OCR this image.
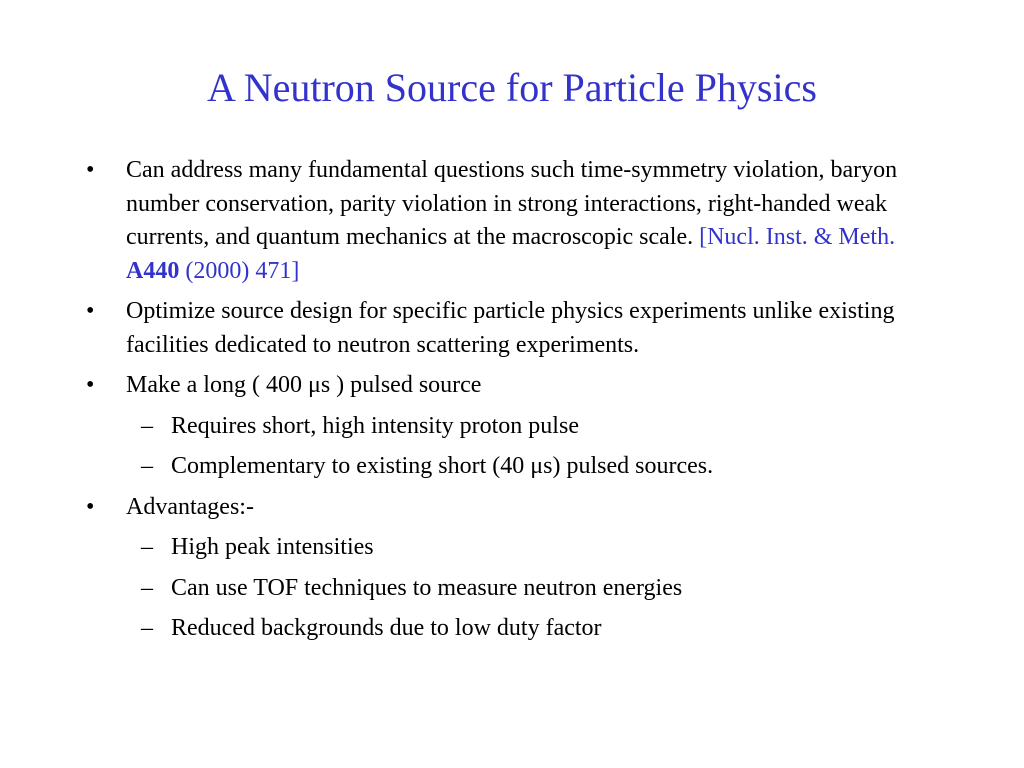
A Neutron Source for Particle Physics
• Can address many fundamental questions such time-symmetry violation, baryon number conservation, parity violation in strong interactions, right-handed weak currents, and quantum mechanics at the macroscopic scale. [Nucl. Inst. & Meth. A440 (2000) 471]
• Optimize source design for specific particle physics experiments unlike existing facilities dedicated to neutron scattering experiments.
• Make a long ( 400 μs ) pulsed source
– Requires short, high intensity proton pulse
– Complementary to existing short (40 μs) pulsed sources.
• Advantages:-
– High peak intensities
– Can use TOF techniques to measure neutron energies
– Reduced backgrounds due to low duty factor
